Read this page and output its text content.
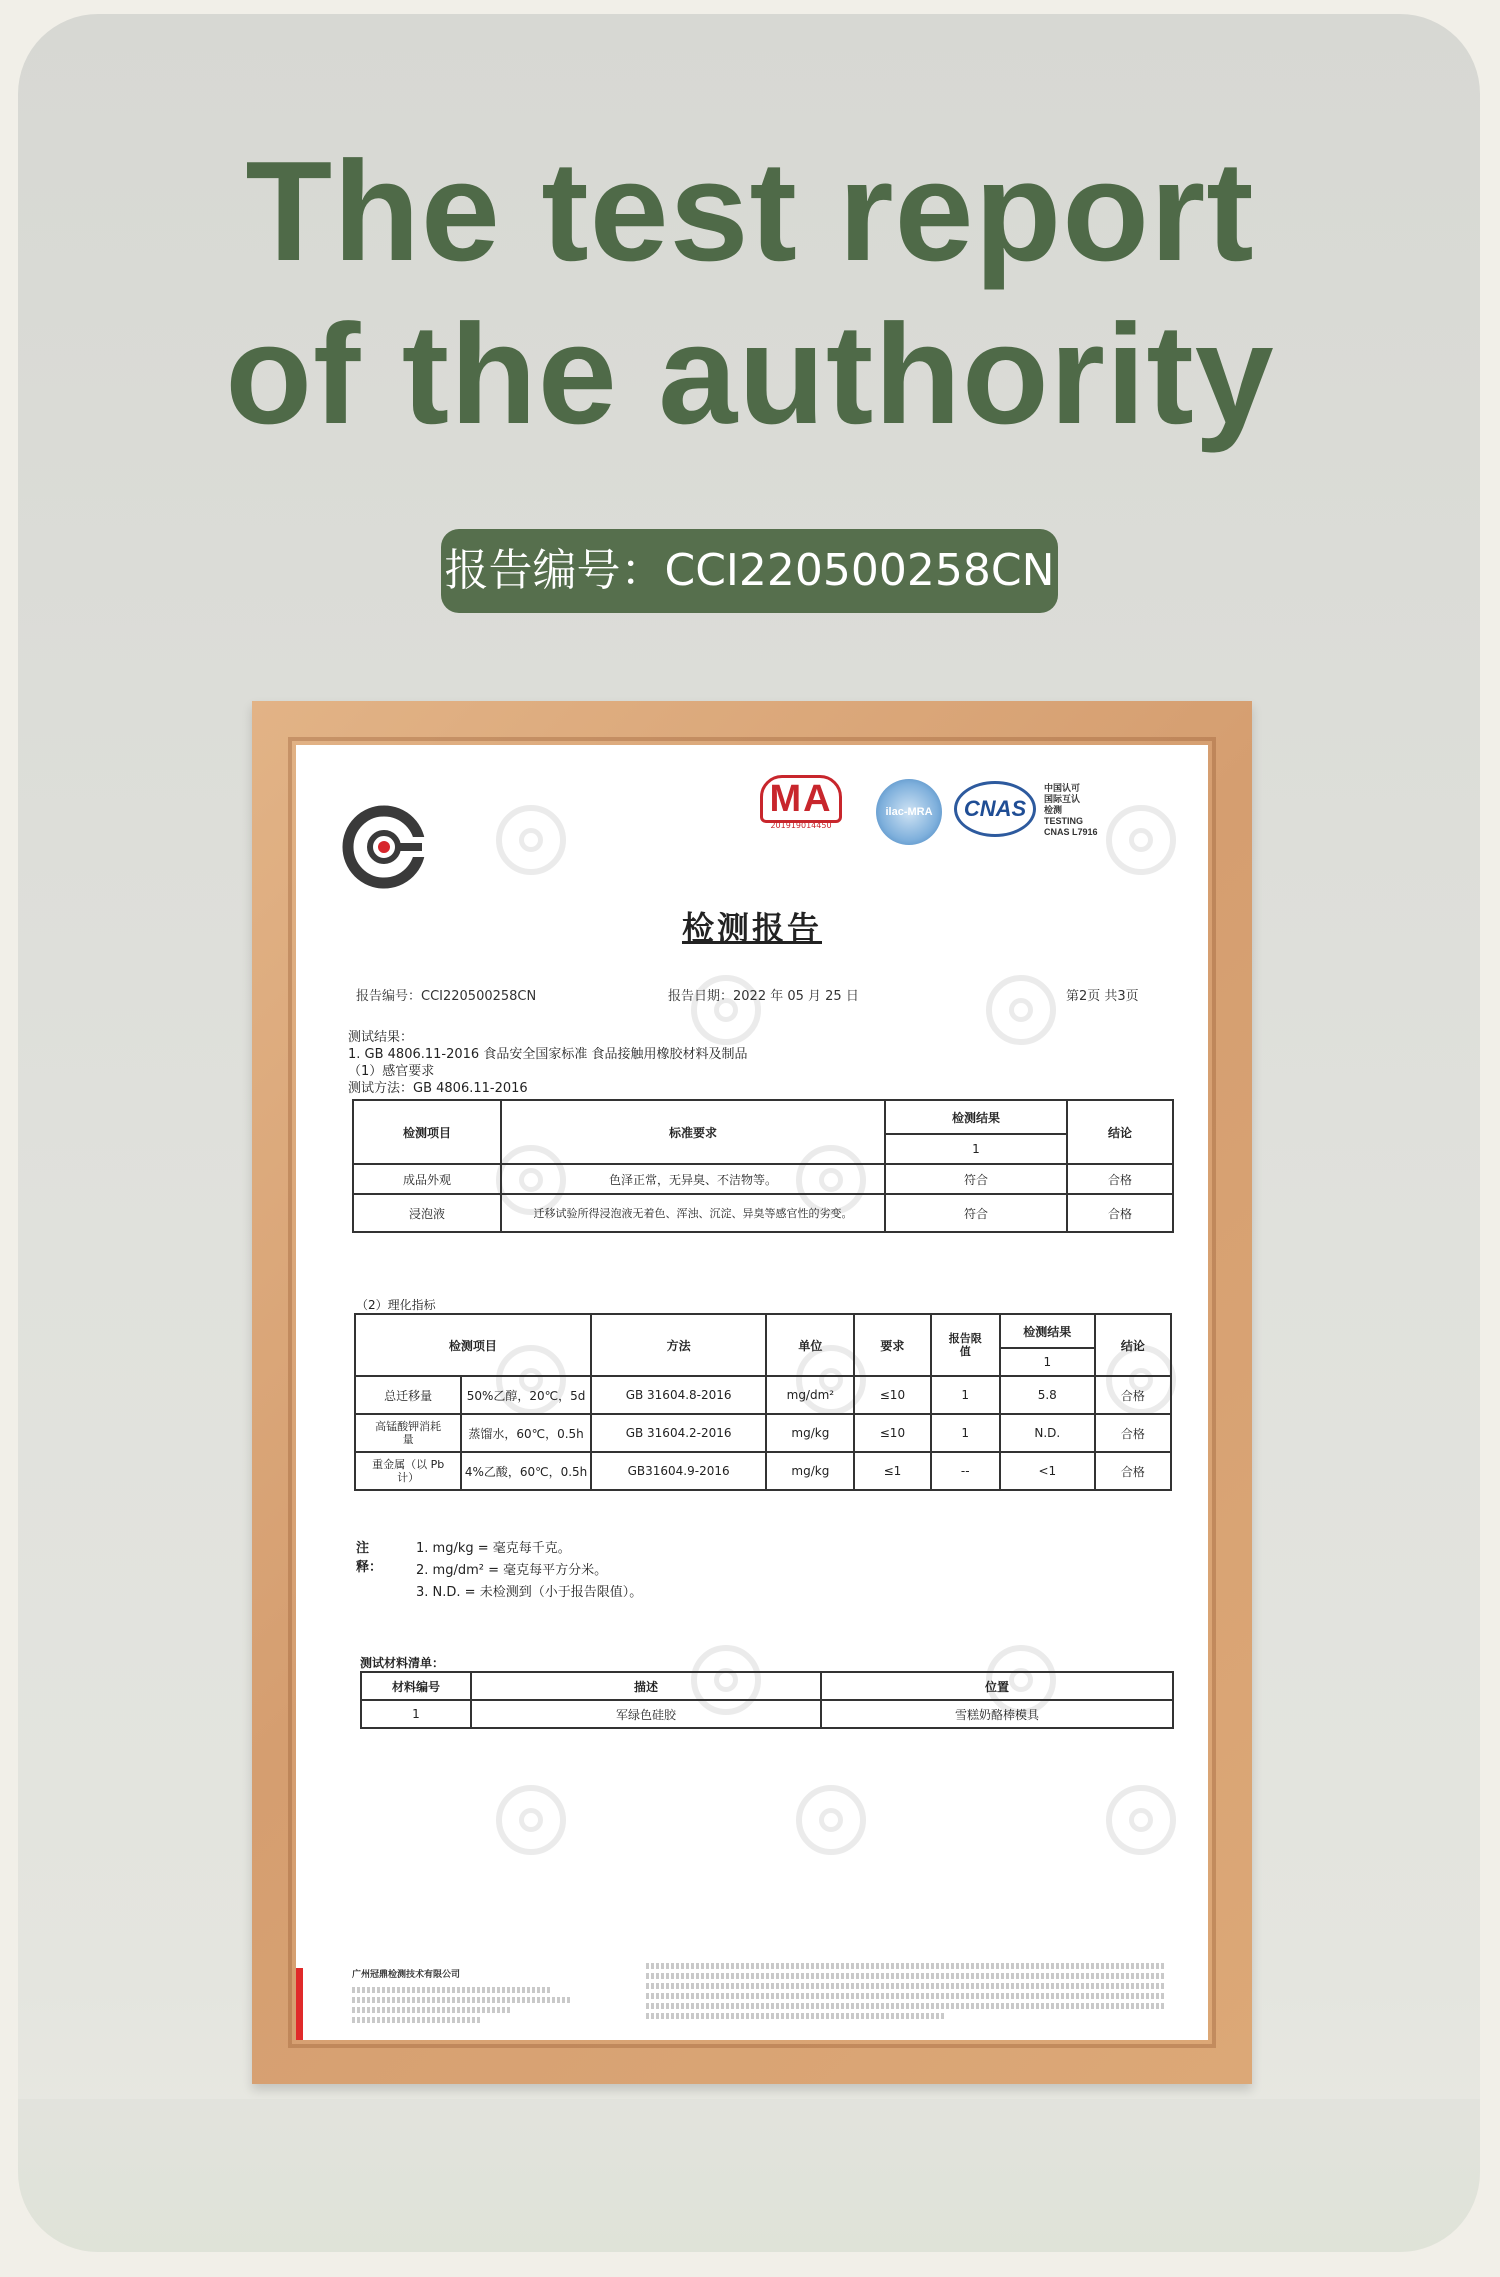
The test report
of the authority
报告编号：CCI220500258CN
MA
201919014450
ilac-MRA	CNAS
中国认可
国际互认
检测
TESTING
CNAS L7916
检测报告
报告编号：CCI220500258CN	报告日期：2022 年 05 月 25 日	第2页 共3页
测试结果：
1. GB 4806.11-2016 食品安全国家标准 食品接触用橡胶材料及制品
（1）感官要求
测试方法：GB 4806.11-2016
检测项目	标准要求	检测结果	结论
		1	
成品外观	色泽正常，无异臭、不洁物等。	符合	合格
浸泡液	迁移试验所得浸泡液无着色、浑浊、沉淀、异臭等感官性的劣变。	符合	合格
（2）理化指标
检测项目		方法	单位	要求	报告限值	检测结果	结论
						1	
总迁移量	50%乙醇，20℃，5d	GB 31604.8-2016	mg/dm²	≤10	1	5.8	合格
高锰酸钾消耗量	蒸馏水，60℃，0.5h	GB 31604.2-2016	mg/kg	≤10	1	N.D.	合格
重金属（以 Pb 计）	4%乙酸，60℃，0.5h	GB31604.9-2016	mg/kg	≤1	--	<1	合格
注释：
1. mg/kg = 毫克每千克。
2. mg/dm² = 毫克每平方分米。
3. N.D. = 未检测到（小于报告限值）。
测试材料清单：
材料编号	描述	位置
1	军绿色硅胶	雪糕奶酪棒模具
广州冠鼎检测技术有限公司
